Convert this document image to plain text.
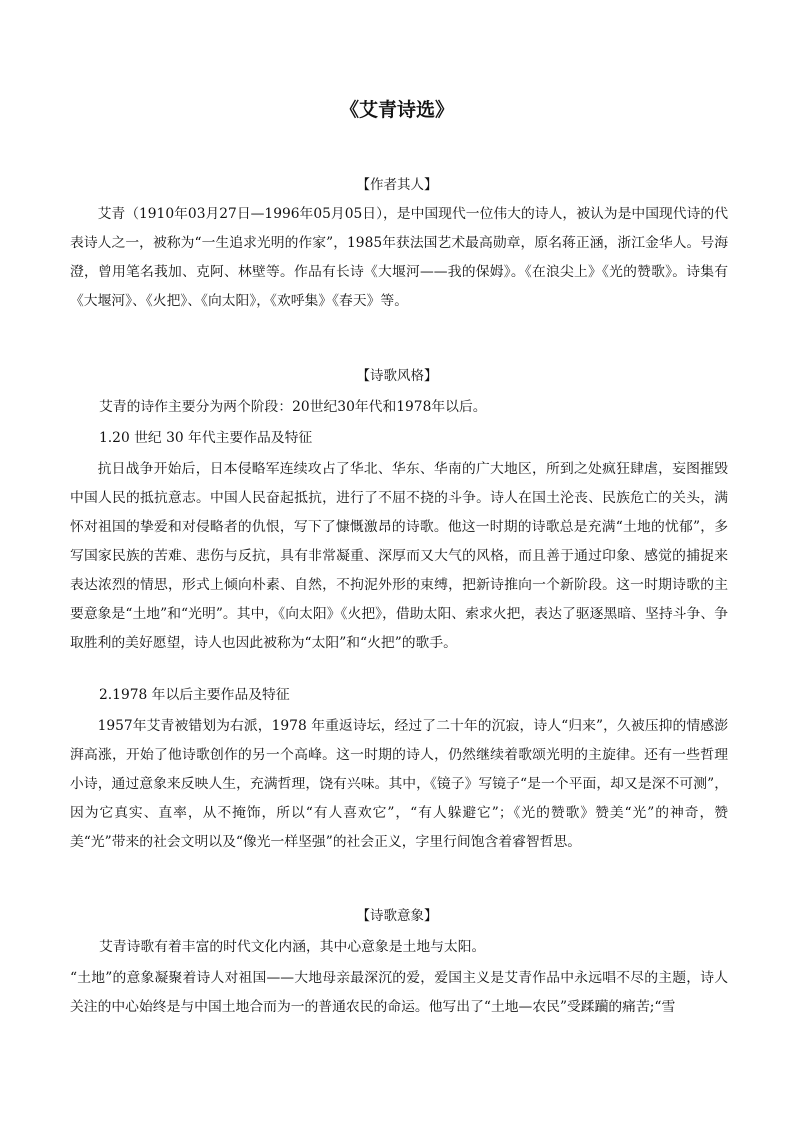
《艾青诗选》
【作者其人】

艾青（1910年03月27日—1996年05月05日），是中国现代一位伟大的诗人，被认为是中国现代诗的代表诗人之一，被称为“一生追求光明的作家”，1985年获法国艺术最高勋章，原名蒋正涵，浙江金华人。号海澄，曾用笔名莪加、克阿、林壁等。作品有长诗《大堰河——我的保姆》。《在浪尖上》《光的赞歌》。诗集有《大堰河》、《火把》、《向太阳》，《欢呼集》《春天》等。

【诗歌风格】

艾青的诗作主要分为两个阶段：20世纪30年代和1978年以后。

1.20 世纪 30 年代主要作品及特征

抗日战争开始后，日本侵略军连续攻占了华北、华东、华南的广大地区，所到之处疯狂肆虐，妄图摧毁中国人民的抵抗意志。中国人民奋起抵抗，进行了不屈不挠的斗争。诗人在国土沦丧、民族危亡的关头，满怀对祖国的挚爱和对侵略者的仇恨，写下了慷慨激昂的诗歌。他这一时期的诗歌总是充满“土地的忧郁”，多写国家民族的苦难、悲伤与反抗，具有非常凝重、深厚而又大气的风格，而且善于通过印象、感觉的捕捉来表达浓烈的情思，形式上倾向朴素、自然，不拘泥外形的束缚，把新诗推向一个新阶段。这一时期诗歌的主要意象是“土地”和“光明”。其中，《向太阳》《火把》，借助太阳、索求火把，表达了驱逐黑暗、坚持斗争、争取胜利的美好愿望，诗人也因此被称为“太阳”和“火把”的歌手。

2.1978 年以后主要作品及特征

1957年艾青被错划为右派，1978 年重返诗坛，经过了二十年的沉寂，诗人“归来”，久被压抑的情感澎湃高涨，开始了他诗歌创作的另一个高峰。这一时期的诗人，仍然继续着歌颂光明的主旋律。还有一些哲理小诗，通过意象来反映人生，充满哲理，饶有兴味。其中，《镜子》写镜子“是一个平面，却又是深不可测”，因为它真实、直率，从不掩饰，所以“有人喜欢它”，“有人躲避它”；《光的赞歌》赞美“光”的神奇，赞美“光”带来的社会文明以及“像光一样坚强”的社会正义，字里行间饱含着睿智哲思。

【诗歌意象】

艾青诗歌有着丰富的时代文化内涵，其中心意象是土地与太阳。

“土地”的意象凝聚着诗人对祖国——大地母亲最深沉的爱，爱国主义是艾青作品中永远唱不尽的主题，诗人关注的中心始终是与中国土地合而为一的普通农民的命运。他写出了“土地—农民”受蹂躏的痛苦;“雪
